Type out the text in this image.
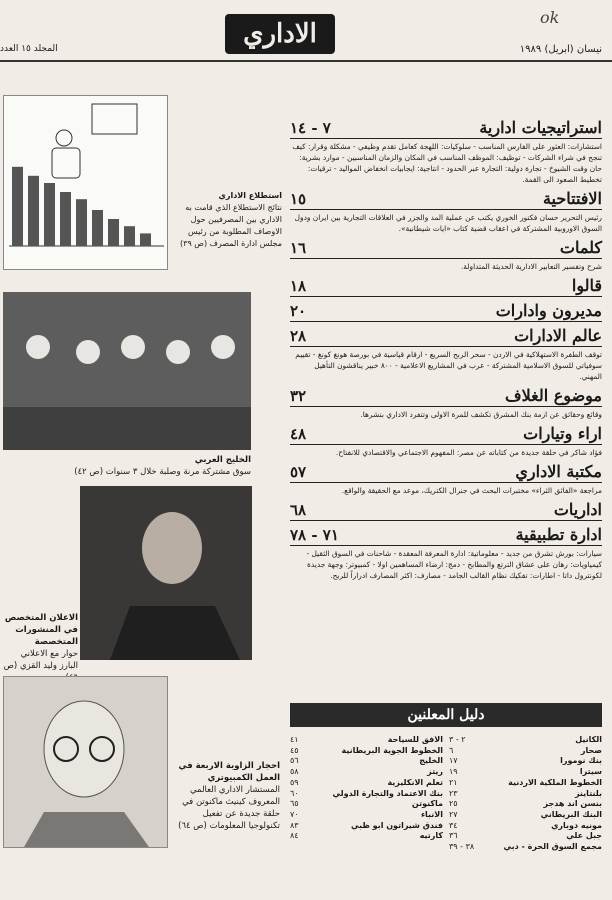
ok
الاداري
نيسان (ابريل) ١٩٨٩
المجلد ١٥ العدد
استراتيجيات ادارية
٧ - ١٤
استشارات: العثور على الفارس المناسب - سلوكيات: اللهجة كعامل تقدم وظيفي - مشكلة وقرار: كيف تنجح في شراء الشركات - توظيف: الموظف المناسب في المكان والزمان المناسبين - موارد بشرية: حان وقت الشيوخ - تجارة دولية: التجارة عبر الحدود - انتاجية: ايجابيات انخفاض المواليد - ترقيات: تخطيط الصعود الى القمة.
الافتتاحية
١٥
رئيس التحرير حسان فكتور الخوري يكتب عن عملية المد والجزر في العلاقات التجارية بين ايران ودول السوق الاوروبية المشتركة في اعقاب قضية كتاب «ايات شيطانية».
كلمات
١٦
شرح وتفسير التعابير الادارية الحديثة المتداولة.
قالوا
١٨
مديرون وادارات
٢٠
عالم الادارات
٢٨
توقف الطفرة الاستهلاكية في الاردن - سحر الربح السريع - ارقام قياسية في بورصة هونغ كونغ - تقييم سوفياتي للسوق الاسلامية المشتركة - عرب في المشاريع الاعلامية - ٨٠٠ خبير يناقشون التأهيل المهني.
موضوع الغلاف
٣٢
وقائع وحقائق عن ازمة بنك المشرق تكشف للمرة الاولى وتتفرد الاداري بنشرها.
اراء وتيارات
٤٨
فؤاد شاكر في حلقة جديدة من كتاباته عن مصر: المفهوم الاجتماعي والاقتصادي للانفتاح.
مكتبة الاداري
٥٧
مراجعة «الفائق الثراء» مختبرات البحث في جنرال الكتريك، موعد مع الحقيقة والواقع.
اداريات
٦٨
ادارة تطبيقية
٧١ - ٧٨
سيارات: بورش تشرق من جديد - معلوماتية: ادارة المعرفة المعقدة - شاحنات في السوق الثقيل - كيمياويات: رهان على عشاق الترتع والمطابخ - دمج: ارضاء المساهمين اولا - كمبيوتر: وجهة جديدة لكونترول داتا - اطارات: تفكيك نظام القالب الجامد - مصارف: اكثر المصارف ادراراً للربح.
استطلاع الاداري
نتائج الاستطلاع الذي قامت به الاداري بين المصرفيين حول الاوصاف المطلوبة من رئيس مجلس ادارة المصرف (ص ٣٩)
الخليج العربي
سوق مشتركة مرنة وصلبة خلال ٣ سنوات (ص ٤٢)
الاعلان المتخصص في المنشورات المتخصصة
حوار مع الاعلاني البارز وليد القزي (ص
احجار الزاوية الاربعة في العمل الكمبيوتري
المستشار الاداري العالمي المعروف كينيث ماكنوتن في حلقة جديدة عن تفعيل تكنولوجيا المعلومات (ص ٦٤)
دليل المعلنين
الافق للسياحة
٤١
الخطوط الجوية البريطانية
٤٥
الخليج
٥٦
ريتز
٥٨
تعلم الانكليزية
٥٩
بنك الاعتماد والتجارة الدولي
٦٠
ماكنوتن
٦٥
الانباء
٧٠
فندق شيراتون ابو ظبي
٨٣
كارتيه
٨٤
الكانيل
٢ - ٣
صحار
٦
بنك نومورا
١٧
سيترا
١٩
الخطوط الملكية الاردنية
٢١
بلنتاينز
٢٣
بنسن اند هدجز
٢٥
البنك البريطاني
٢٧
مونيه دوباري
٣٤
جبل علي
٣٦
مجمع السوق الحرة - دبي
٣٨ - ٣٩
